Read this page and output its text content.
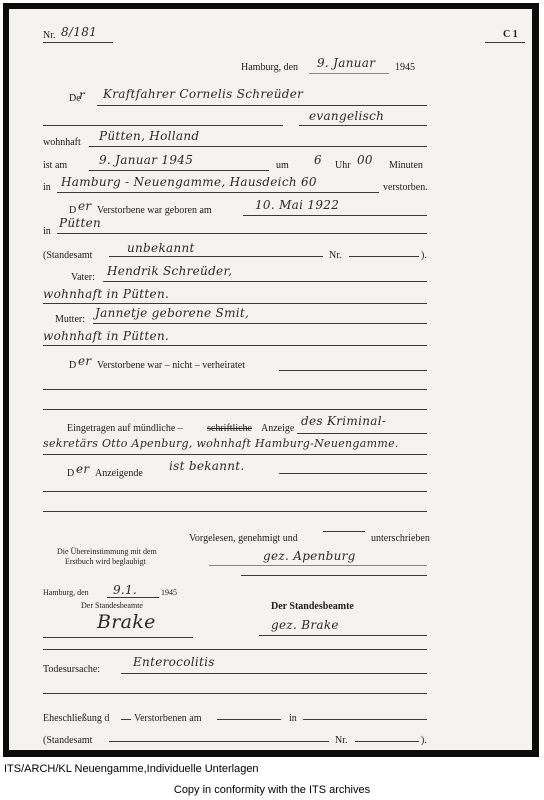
Nr. 8/181	C 1
Hamburg, den 9. Januar 1945
De
r Kraftfahrer Cornelis Schreüder
evangelisch
wohnhaft Pütten, Holland
ist am	9. Januar 1945	um 6 Uhr 00 Minuten
in Hamburg - Neuengamme, Hausdeich 60	verstorben.
D er Verstorbene war geboren am	10. Mai 1922
in
Pütten
(Standesamt
unbekannt
Nr.	).
Vater: Hendrik Schreüder,
wohnhaft in Pütten.
Mutter: Jannetje geborene Smit,
wohnhaft in Pütten.
D er Verstorbene war – nicht – verheiratet
Eingetragen auf mündliche – schriftliche Anzeige
des Kriminal-
sekretärs Otto Apenburg, wohnhaft Hamburg-Neuengamme.
D er Anzeigende
ist bekannt.
Vorgelesen, genehmigt und	unterschrieben
Die Übereinstimmung mit dem
Erstbuch wird beglaubigt	gez. Apenburg
Hamburg, den 9.1.	1945
Der Standesbeamte
Brake
Der Standesbeamte
gez. Brake
Todesursache:
Enterocolitis
Eheschließung d Verstorbenen am	in
(Standesamt	Nr.	).
ITS/ARCH/KL Neuengamme,Individuelle Unterlagen
Copy in conformity with the ITS archives
